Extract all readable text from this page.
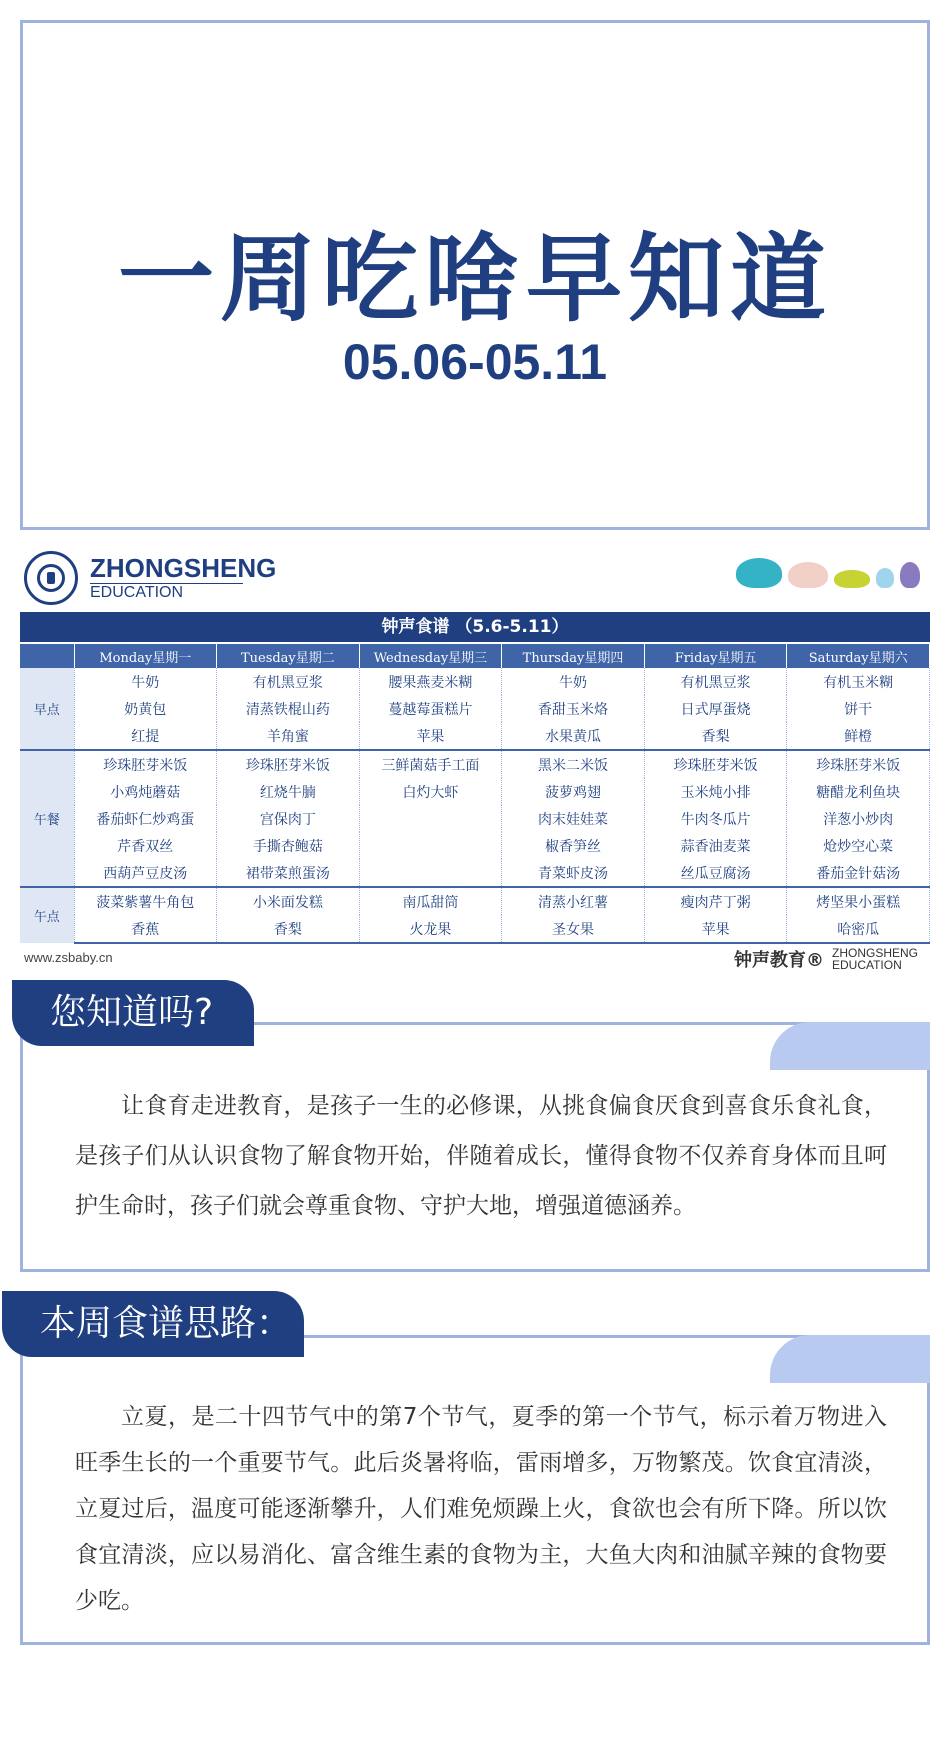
一周吃啥早知道
05.06-05.11
ZHONGSHENG
EDUCATION
钟声食谱 （5.6-5.11）
	Monday星期一	Tuesday星期二	Wednesday星期三	Thursday星期四	Friday星期五	Saturday星期六
早点	牛奶	有机黑豆浆	腰果燕麦米糊	牛奶	有机黑豆浆	有机玉米糊
	奶黄包	清蒸铁棍山药	蔓越莓蛋糕片	香甜玉米烙	日式厚蛋烧	饼干
	红提	羊角蜜	苹果	水果黄瓜	香梨	鲜橙
午餐	珍珠胚芽米饭	珍珠胚芽米饭	三鲜菌菇手工面	黑米二米饭	珍珠胚芽米饭	珍珠胚芽米饭
	小鸡炖蘑菇	红烧牛腩	白灼大虾	菠萝鸡翅	玉米炖小排	糖醋龙利鱼块
	番茄虾仁炒鸡蛋	宫保肉丁		肉末娃娃菜	牛肉冬瓜片	洋葱小炒肉
	芹香双丝	手撕杏鲍菇		椒香笋丝	蒜香油麦菜	炝炒空心菜
	西葫芦豆皮汤	裙带菜煎蛋汤		青菜虾皮汤	丝瓜豆腐汤	番茄金针菇汤
午点	菠菜紫薯牛角包	小米面发糕	南瓜甜筒	清蒸小红薯	瘦肉芹丁粥	烤坚果小蛋糕
	香蕉	香梨	火龙果	圣女果	苹果	哈密瓜
www.zsbaby.cn	钟声教育® ZHONGSHENG
EDUCATION
让食育走进教育，是孩子一生的必修课，从挑食偏食厌食到喜食乐食礼食，是孩子们从认识食物了解食物开始，伴随着成长，懂得食物不仅养育身体而且呵护生命时，孩子们就会尊重食物、守护大地，增强道德涵养。
您知道吗?
立夏，是二十四节气中的第7个节气，夏季的第一个节气，标示着万物进入旺季生长的一个重要节气。此后炎暑将临，雷雨增多，万物繁茂。饮食宜清淡，立夏过后，温度可能逐渐攀升，人们难免烦躁上火，食欲也会有所下降。所以饮食宜清淡，应以易消化、富含维生素的食物为主，大鱼大肉和油腻辛辣的食物要少吃。
本周食谱思路：
